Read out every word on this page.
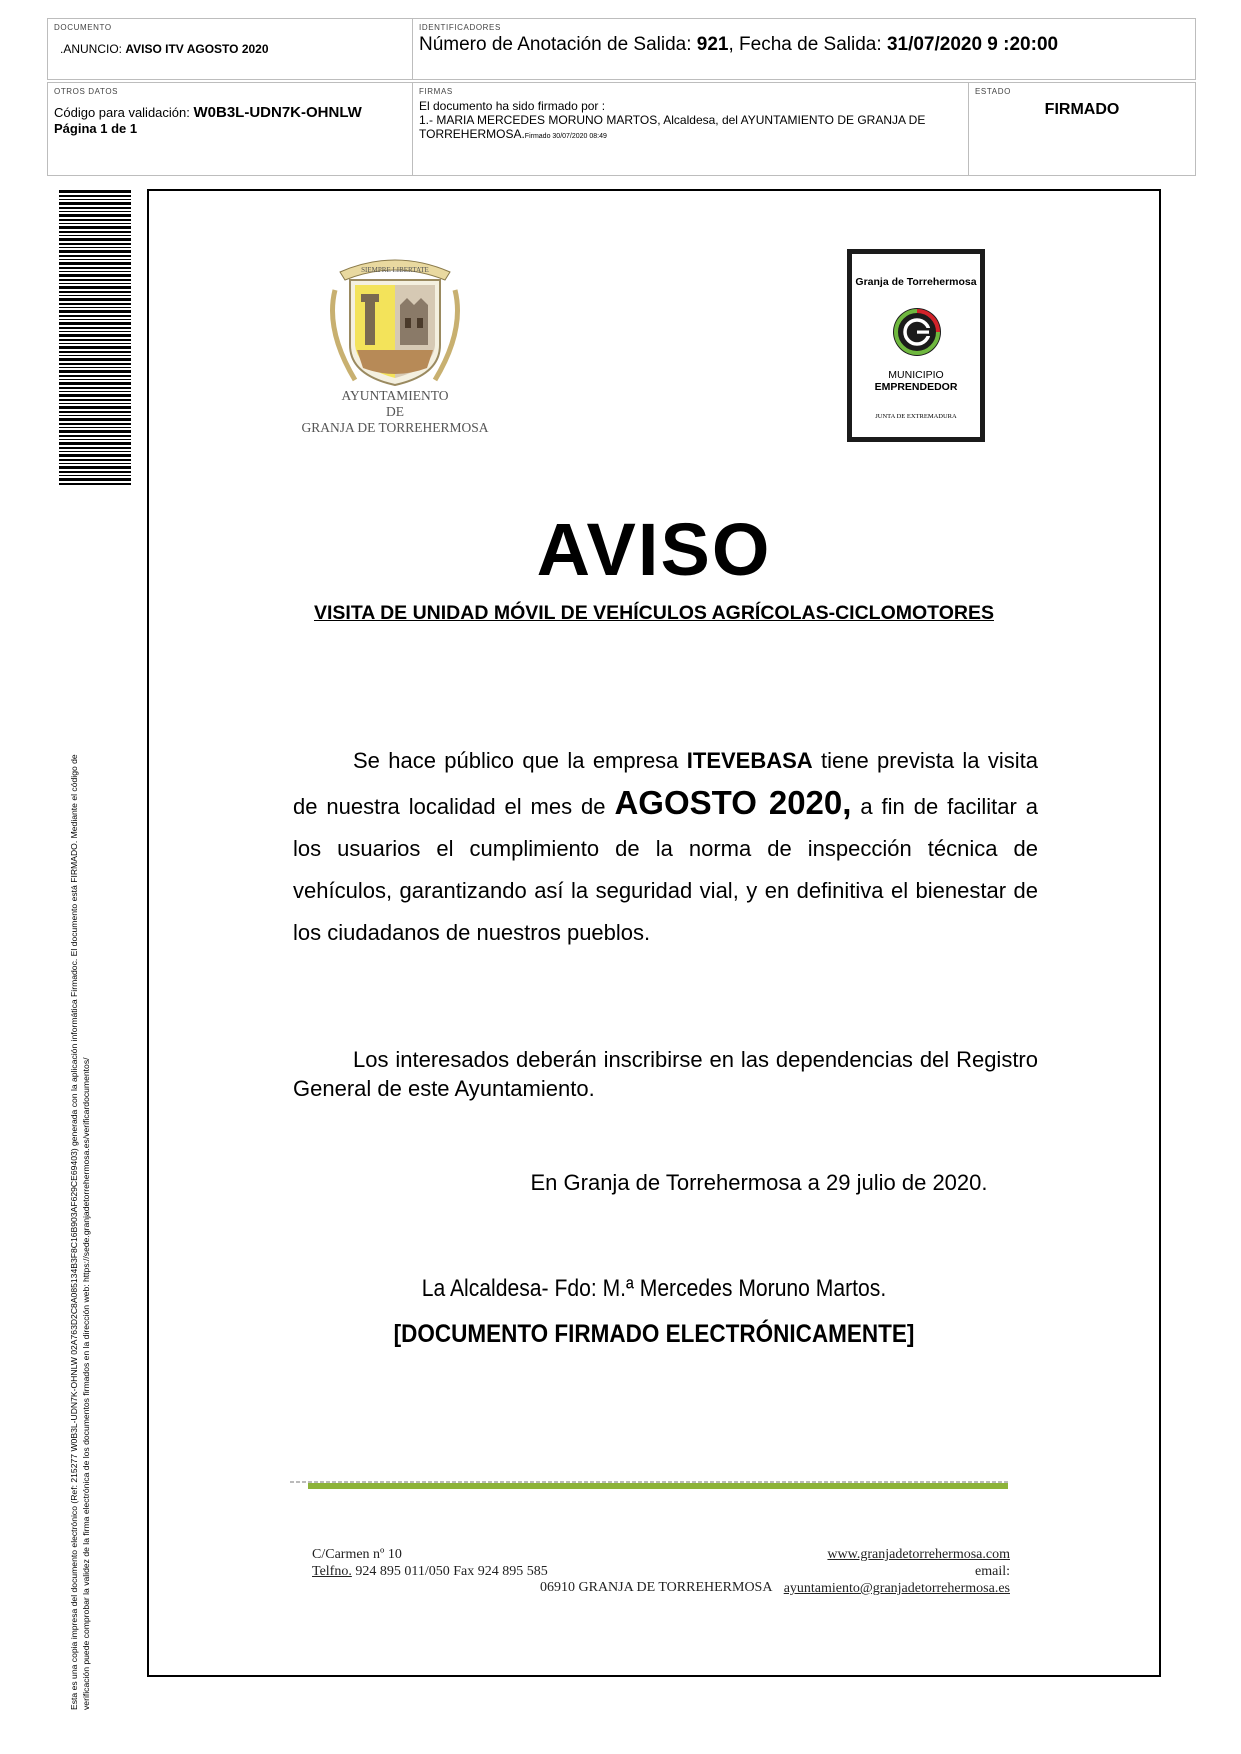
DOCUMENTO
.ANUNCIO: AVISO ITV AGOSTO 2020
IDENTIFICADORES
Número de Anotación de Salida: 921, Fecha de Salida: 31/07/2020 9 :20:00
OTROS DATOS
Código para validación: W0B3L-UDN7K-OHNLW
Página 1 de 1
FIRMAS
El documento ha sido firmado por :
1.- MARIA MERCEDES MORUNO MARTOS, Alcaldesa, del AYUNTAMIENTO DE GRANJA DE TORREHERMOSA.Firmado 30/07/2020 08:49
ESTADO
FIRMADO
Esta es una copia impresa del documento electrónico (Ref: 215277 W0B3L-UDN7K-OHNLW 02A763D2C8A085134B3F8C16B903AF629CE69403) generada con la aplicación informática Firmadoc. El documento está FIRMADO. Mediante el código de verificación puede comprobar la validez de la firma electrónica de los documentos firmados en la dirección web: https://sede.granjadetorrehermosa.es/verificardocumentos/
SIEMPRE LIBERTATE
AYUNTAMIENTO
DE
GRANJA DE TORREHERMOSA
Granja de Torrehermosa
MUNICIPIO
EMPRENDEDOR
JUNTA DE EXTREMADURA
AVISO
VISITA DE UNIDAD MÓVIL DE VEHÍCULOS AGRÍCOLAS-CICLOMOTORES
Se hace público que la empresa ITEVEBASA tiene prevista la visita de nuestra localidad el mes de AGOSTO 2020, a fin de facilitar a los usuarios el cumplimiento de la norma de inspección técnica de vehículos, garantizando así la seguridad vial, y en definitiva el bienestar de los ciudadanos de nuestros pueblos.
Los interesados deberán inscribirse en las dependencias del Registro General de este Ayuntamiento.
En Granja de Torrehermosa a 29 julio de 2020.
La Alcaldesa- Fdo: M.ª Mercedes Moruno Martos.
[DOCUMENTO FIRMADO ELECTRÓNICAMENTE]
C/Carmen nº 10
Telfno. 924 895 011/050 Fax 924 895 585
www.granjadetorrehermosa.com
email: ayuntamiento@granjadetorrehermosa.es
06910 GRANJA DE TORREHERMOSA
